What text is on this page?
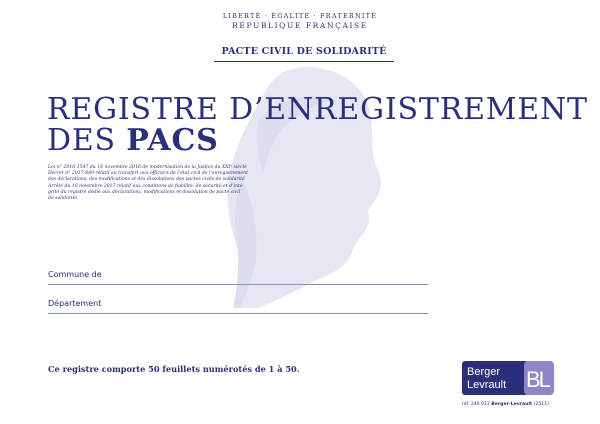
LIBERTÉ · ÉGALITÉ · FRATERNITÉ
RÉPUBLIQUE FRANÇAISE
PACTE CIVIL DE SOLIDARITÉ
REGISTRE D’ENREGISTREMENT
DES PACS

Loi n° 2016-1547 du 18 novembre 2016 de modernisation de la Justice du XXIᵉ siècle

Décret n° 2017-889 relatif au transfert aux officiers de l’état civil de l’enregistrement

des déclarations, des modifications et des dissolutions des pactes civils de solidarité

Arrêté du 10 novembre 2017 relatif aux conditions de fiabilité, de sécurité et d’inté-

grité du registre dédié aux déclarations, modifications et dissolution de pacte civil

de solidarité

Commune de
Département
Ce registre comporte 50 feuillets numérotés de 1 à 50.	Berger
Levrault BL
réf. 240 013 Berger-Levrault (2511)
